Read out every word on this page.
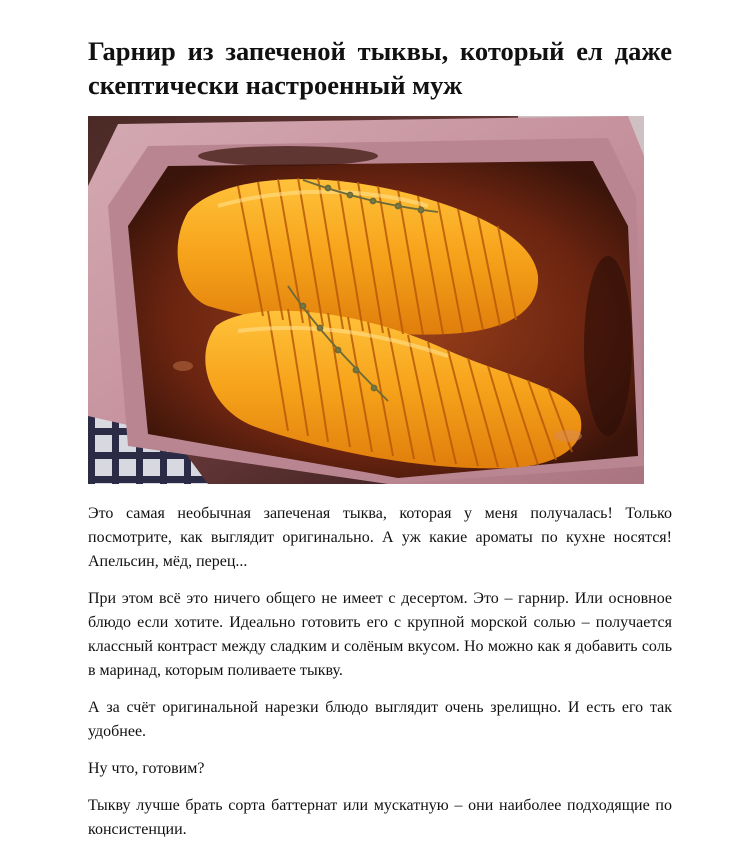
Гарнир из запеченой тыквы, который ел даже скептически настроенный муж

Это самая необычная запеченая тыква, которая у меня получалась! Только посмотрите, как выглядит оригинально. А уж какие ароматы по кухне носятся! Апельсин, мёд, перец...

При этом всё это ничего общего не имеет с десертом. Это – гарнир. Или основное блюдо если хотите. Идеально готовить его с крупной морской солью – получается классный контраст между сладким и солёным вкусом. Но можно как я добавить соль в маринад, которым поливаете тыкву.

А за счёт оригинальной нарезки блюдо выглядит очень зрелищно. И есть его так удобнее.

Ну что, готовим?

Тыкву лучше брать сорта баттернат или мускатную – они наиболее подходящие по консистенции.
